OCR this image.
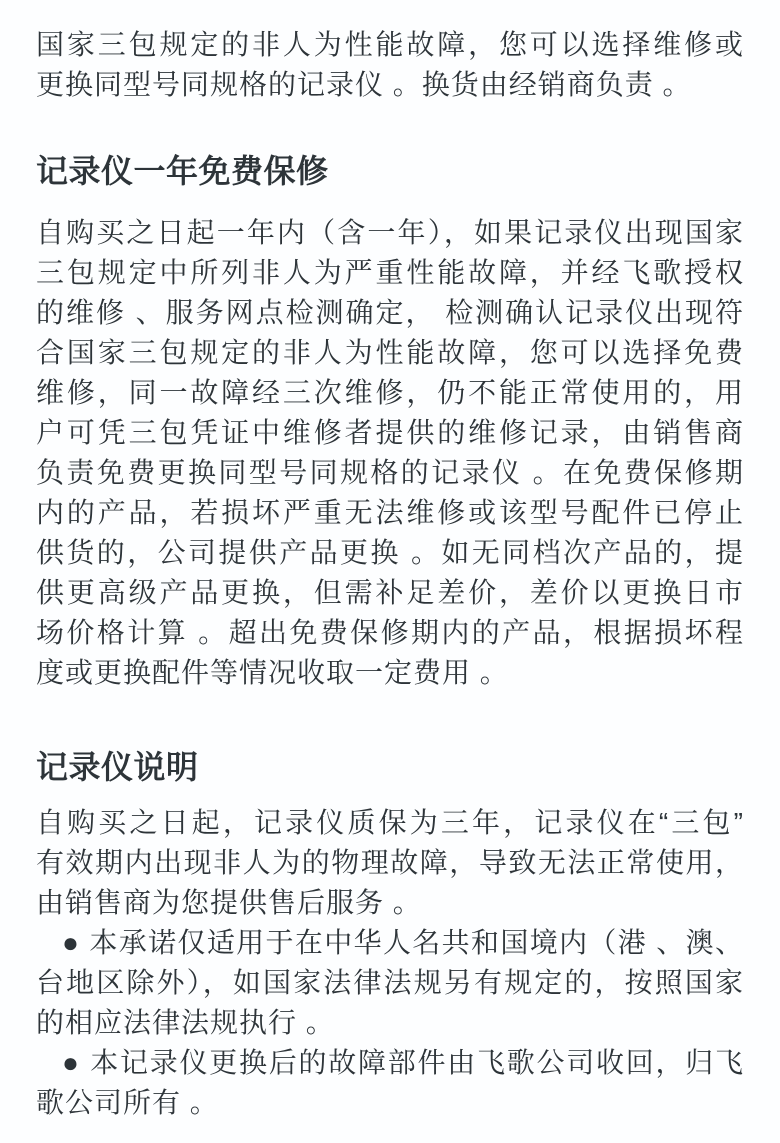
国家三包规定的非人为性能故障，您可以选择维修或
更换同型号同规格的记录仪 。换货由经销商负责 。

记录仪一年免费保修

自购买之日起一年内（含一年），如果记录仪出现国家
三包规定中所列非人为严重性能故障，并经飞歌授权
的维修 、服务网点检测确定， 检测确认记录仪出现符
合国家三包规定的非人为性能故障，您可以选择免费
维修，同一故障经三次维修，仍不能正常使用的，用
户可凭三包凭证中维修者提供的维修记录，由销售商
负责免费更换同型号同规格的记录仪 。在免费保修期
内的产品，若损坏严重无法维修或该型号配件已停止
供货的，公司提供产品更换 。如无同档次产品的，提
供更高级产品更换，但需补足差价，差价以更换日市
场价格计算 。超出免费保修期内的产品，根据损坏程
度或更换配件等情况收取一定费用 。

记录仪说明

自购买之日起，记录仪质保为三年，记录仪在“三包”
有效期内出现非人为的物理故障，导致无法正常使用，
由销售商为您提供售后服务 。

● 本承诺仅适用于在中华人名共和国境内（港 、澳、
台地区除外），如国家法律法规另有规定的，按照国家
的相应法律法规执行 。

● 本记录仪更换后的故障部件由飞歌公司收回，归飞
歌公司所有 。
